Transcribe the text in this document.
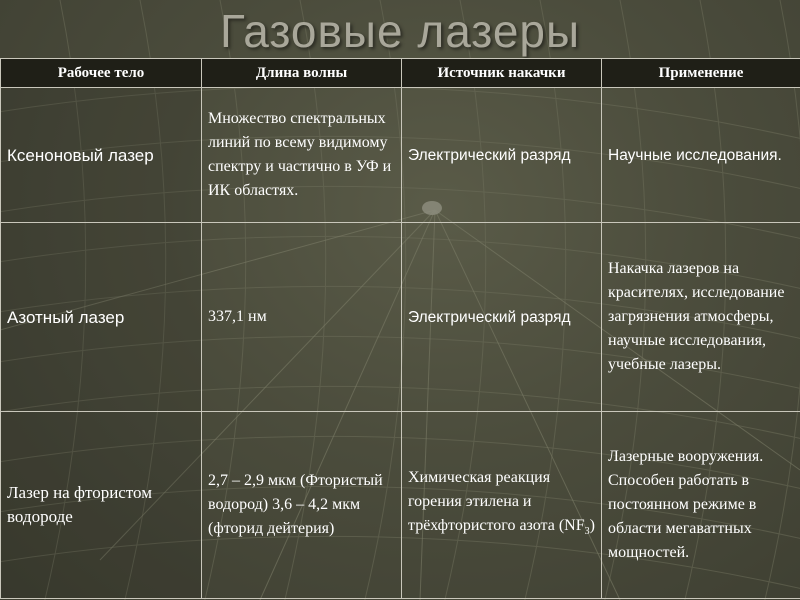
Газовые лазеры
Рабочее тело	Длина волны	Источник накачки	Применение
Ксеноновый лазер	Множество спектральных линий по всему видимому спектру и частично в УФ и ИК областях.	Электрический разряд	Научные исследования.
Азотный лазер	337,1 нм	Электрический разряд	Накачка лазеров на красителях, исследование загрязнения атмосферы, научные исследования, учебные лазеры.
Лазер на фтористом водороде	2,7 – 2,9 мкм (Фтористый водород) 3,6 – 4,2 мкм (фторид дейтерия)	Химическая реакция горения этилена и трёхфтористого азота $(NF_3)$	Лазерные вооружения. Способен работать в постоянном режиме в области мегаваттных мощностей.
